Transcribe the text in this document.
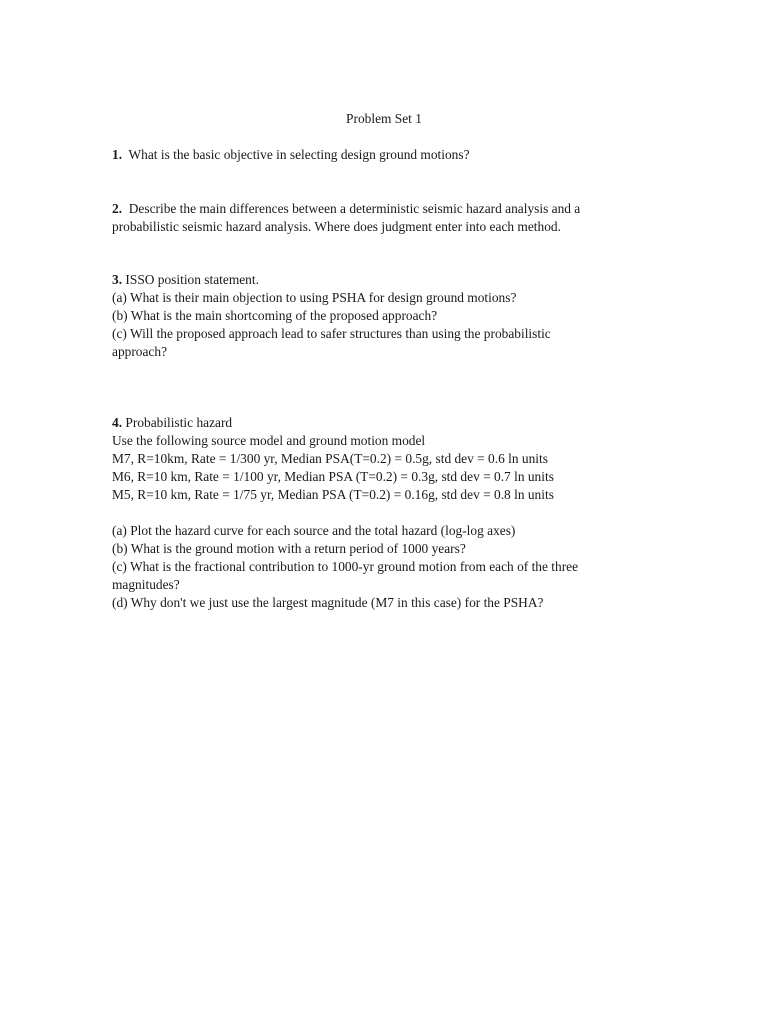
Problem Set 1
1. What is the basic objective in selecting design ground motions?
2. Describe the main differences between a deterministic seismic hazard analysis and a
probabilistic seismic hazard analysis. Where does judgment enter into each method.
3. ISSO position statement.
(a) What is their main objection to using PSHA for design ground motions?
(b) What is the main shortcoming of the proposed approach?
(c) Will the proposed approach lead to safer structures than using the probabilistic
approach?
4. Probabilistic hazard
Use the following source model and ground motion model
M7, R=10km, Rate = 1/300 yr, Median PSA(T=0.2) = 0.5g, std dev = 0.6 ln units
M6, R=10 km, Rate = 1/100 yr, Median PSA (T=0.2) = 0.3g, std dev = 0.7 ln units
M5, R=10 km, Rate = 1/75 yr, Median PSA (T=0.2) = 0.16g, std dev = 0.8 ln units
(a) Plot the hazard curve for each source and the total hazard (log-log axes)
(b) What is the ground motion with a return period of 1000 years?
(c) What is the fractional contribution to 1000-yr ground motion from each of the three
magnitudes?
(d) Why don't we just use the largest magnitude (M7 in this case) for the PSHA?
